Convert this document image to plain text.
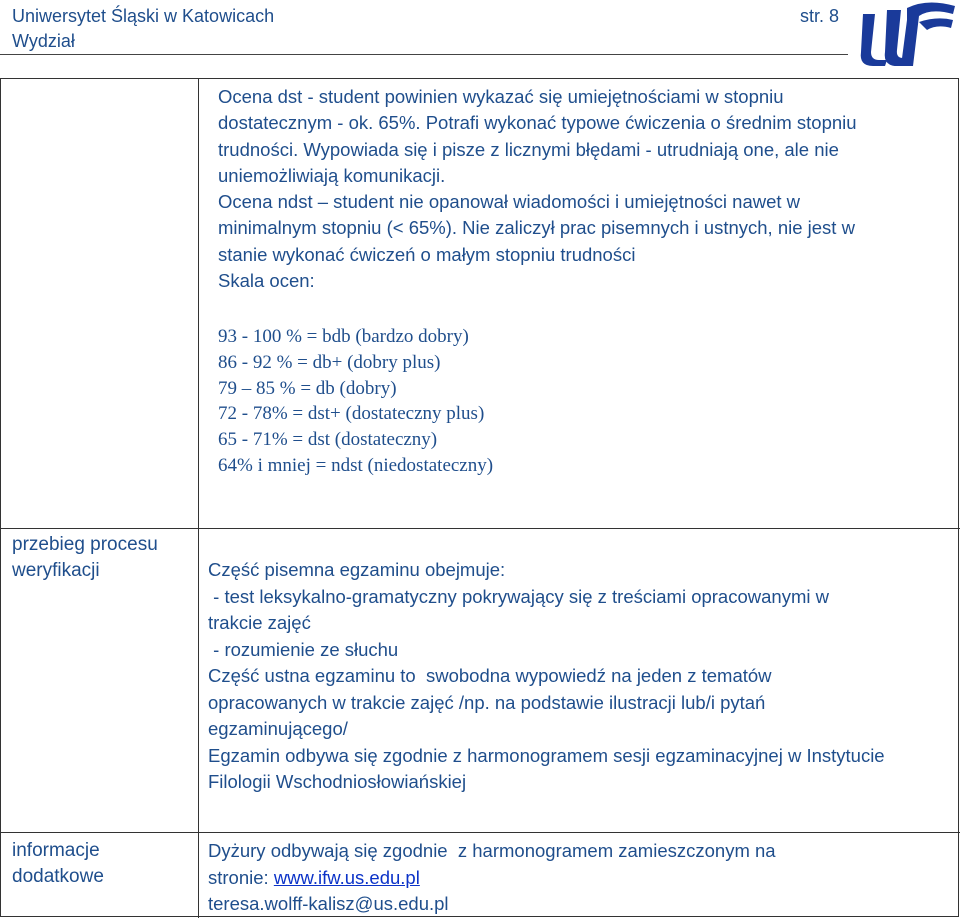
Uniwersytet Śląski w Katowicach
Wydział
str. 8

Ocena dst - student powinien wykazać się umiejętnościami w stopniu

dostatecznym - ok. 65%. Potrafi wykonać typowe ćwiczenia o średnim stopniu

trudności. Wypowiada się i pisze z licznymi błędami - utrudniają one, ale nie

uniemożliwiają komunikacji.

Ocena ndst – student nie opanował wiadomości i umiejętności nawet w

minimalnym stopniu (< 65%). Nie zaliczył prac pisemnych i ustnych, nie jest w

stanie wykonać ćwiczeń o małym stopniu trudności

Skala ocen:

93 - 100 % = bdb (bardzo dobry)
86 - 92 % = db+ (dobry plus)
79 – 85 % = db (dobry)
72 - 78% = dst+ (dostateczny plus)
65 - 71% = dst (dostateczny)
64% i mniej = ndst (niedostateczny)
przebieg procesu weryfikacji	Część pisemna egzaminu obejmuje:
- test leksykalno-gramatyczny pokrywający się z treściami opracowanymi w
trakcie zajęć
- rozumienie ze słuchu
Część ustna egzaminu to  swobodna wypowiedź na jeden z tematów
opracowanych w trakcie zajęć /np. na podstawie ilustracji lub/i pytań
egzaminującego/
Egzamin odbywa się zgodnie z harmonogramem sesji egzaminacyjnej w Instytucie
Filologii Wschodniosłowiańskiej
informacje dodatkowe
Dyżury odbywają się zgodnie  z harmonogramem zamieszczonym na
stronie: www.ifw.us.edu.pl
teresa.wolff-kalisz@us.edu.pl
